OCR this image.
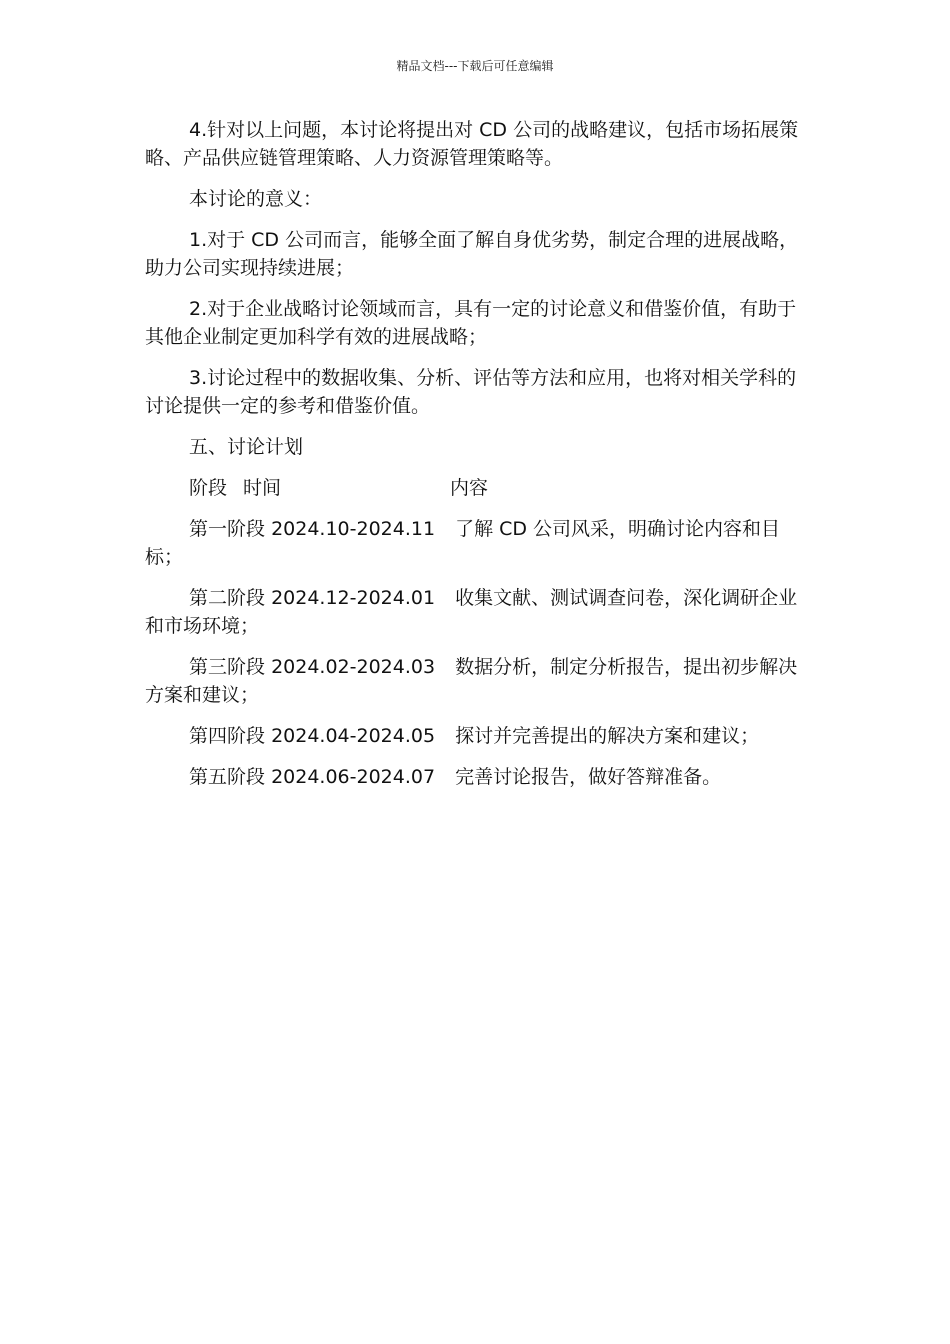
精品文档---下载后可任意编辑

4.针对以上问题，本讨论将提出对 CD 公司的战略建议，包括市场拓展策略、产品供应链管理策略、人力资源管理策略等。

本讨论的意义：

1.对于 CD 公司而言，能够全面了解自身优劣势，制定合理的进展战略，助力公司实现持续进展；

2.对于企业战略讨论领域而言，具有一定的讨论意义和借鉴价值，有助于其他企业制定更加科学有效的进展战略；

3.讨论过程中的数据收集、分析、评估等方法和应用，也将对相关学科的讨论提供一定的参考和借鉴价值。

五、讨论计划

阶段 时间	内容

第一阶段 2024.10-2024.11 了解 CD 公司风采，明确讨论内容和目标；

第二阶段 2024.12-2024.01 收集文献、测试调查问卷，深化调研企业和市场环境；

第三阶段 2024.02-2024.03 数据分析，制定分析报告，提出初步解决方案和建议；

第四阶段 2024.04-2024.05 探讨并完善提出的解决方案和建议；

第五阶段 2024.06-2024.07 完善讨论报告，做好答辩准备。
